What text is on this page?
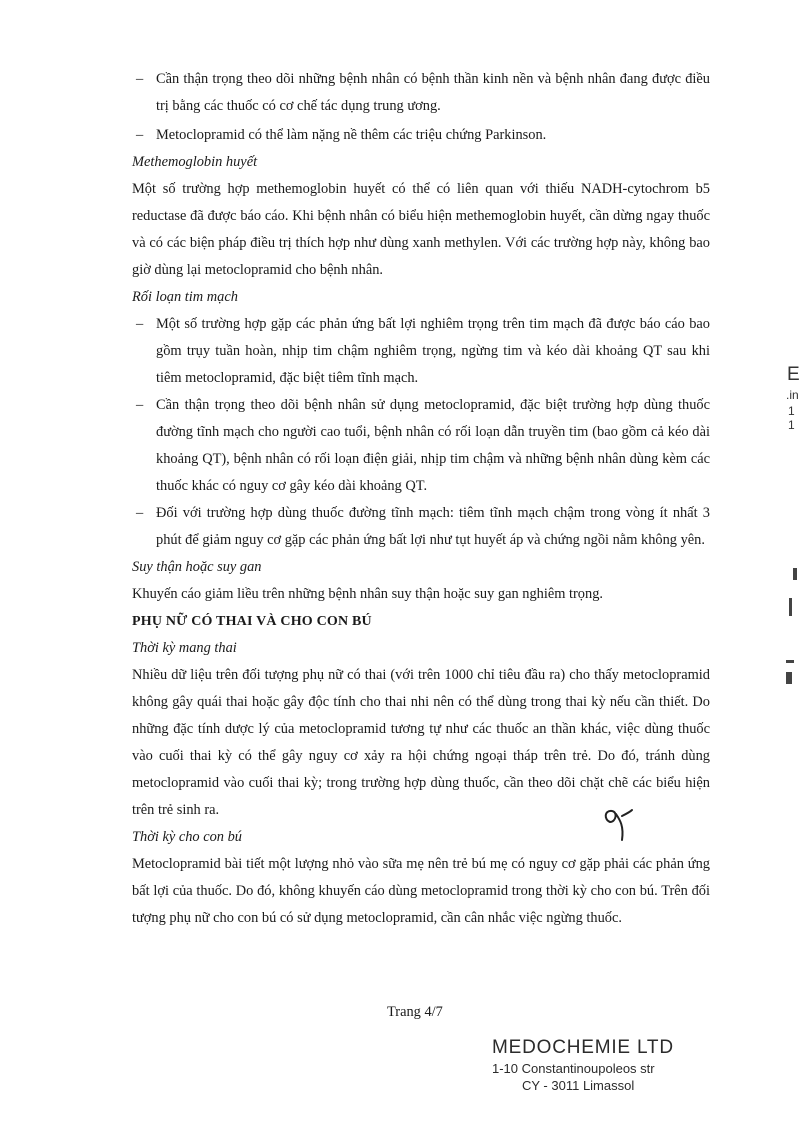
– Cần thận trọng theo dõi những bệnh nhân có bệnh thần kinh nền và bệnh nhân đang được điều trị bằng các thuốc có cơ chế tác dụng trung ương.
– Metoclopramid có thể làm nặng nề thêm các triệu chứng Parkinson.
Methemoglobin huyết
Một số trường hợp methemoglobin huyết có thể có liên quan với thiếu NADH-cytochrom b5 reductase đã được báo cáo. Khi bệnh nhân có biểu hiện methemoglobin huyết, cần dừng ngay thuốc và có các biện pháp điều trị thích hợp như dùng xanh methylen. Với các trường hợp này, không bao giờ dùng lại metoclopramid cho bệnh nhân.
Rối loạn tim mạch
– Một số trường hợp gặp các phản ứng bất lợi nghiêm trọng trên tim mạch đã được báo cáo bao gồm trụy tuần hoàn, nhịp tim chậm nghiêm trọng, ngừng tim và kéo dài khoảng QT sau khi tiêm metoclopramid, đặc biệt tiêm tĩnh mạch.
– Cần thận trọng theo dõi bệnh nhân sử dụng metoclopramid, đặc biệt trường hợp dùng thuốc đường tĩnh mạch cho người cao tuổi, bệnh nhân có rối loạn dẫn truyền tim (bao gồm cả kéo dài khoảng QT), bệnh nhân có rối loạn điện giải, nhịp tim chậm và những bệnh nhân dùng kèm các thuốc khác có nguy cơ gây kéo dài khoảng QT.
– Đối với trường hợp dùng thuốc đường tĩnh mạch: tiêm tĩnh mạch chậm trong vòng ít nhất 3 phút để giảm nguy cơ gặp các phản ứng bất lợi như tụt huyết áp và chứng ngồi nằm không yên.
Suy thận hoặc suy gan
Khuyến cáo giảm liều trên những bệnh nhân suy thận hoặc suy gan nghiêm trọng.
PHỤ NỮ CÓ THAI VÀ CHO CON BÚ
Thời kỳ mang thai
Nhiều dữ liệu trên đối tượng phụ nữ có thai (với trên 1000 chỉ tiêu đầu ra) cho thấy metoclopramid không gây quái thai hoặc gây độc tính cho thai nhi nên có thể dùng trong thai kỳ nếu cần thiết. Do những đặc tính dược lý của metoclopramid tương tự như các thuốc an thần khác, việc dùng thuốc vào cuối thai kỳ có thể gây nguy cơ xảy ra hội chứng ngoại tháp trên trẻ. Do đó, tránh dùng metoclopramid vào cuối thai kỳ; trong trường hợp dùng thuốc, cần theo dõi chặt chẽ các biểu hiện trên trẻ sinh ra.
Thời kỳ cho con bú
Metoclopramid bài tiết một lượng nhỏ vào sữa mẹ nên trẻ bú mẹ có nguy cơ gặp phải các phản ứng bất lợi của thuốc. Do đó, không khuyến cáo dùng metoclopramid trong thời kỳ cho con bú. Trên đối tượng phụ nữ cho con bú có sử dụng metoclopramid, cần cân nhắc việc ngừng thuốc.
Trang 4/7
MEDOCHEMIE LTD
1-10 Constantinoupoleos str
CY - 3011 Limassol
E
.in
1 1
